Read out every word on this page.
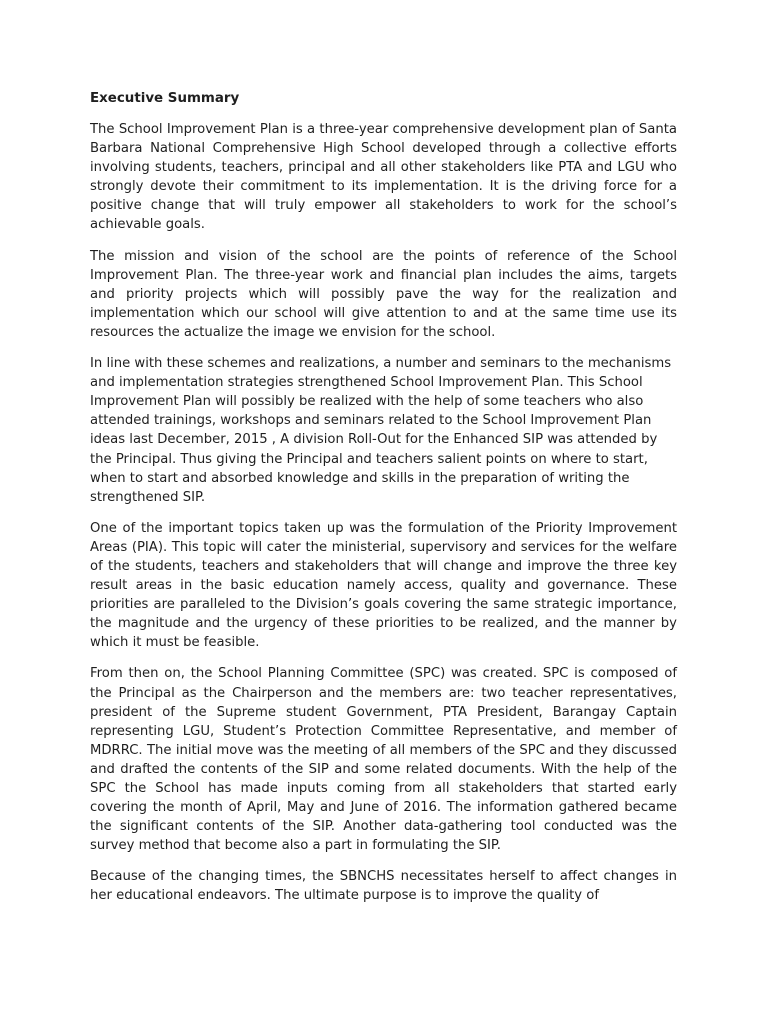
Executive Summary

The School Improvement Plan is a three-year comprehensive development plan of Santa Barbara National Comprehensive High School developed through a collective efforts involving students, teachers, principal and all other stakeholders like PTA and LGU who strongly devote their commitment to its implementation. It is the driving force for a positive change that will truly empower all stakeholders to work for the school’s achievable goals.

The mission and vision of the school are the points of reference of the School Improvement Plan. The three-year work and financial plan includes the aims, targets and priority projects which will possibly pave the way for the realization and implementation which our school will give attention to and at the same time use its resources the actualize the image we envision for the school.

In line with these schemes and realizations, a number and seminars to the mechanisms and implementation strategies strengthened School Improvement Plan. This School Improvement Plan will possibly be realized with the help of some teachers who also attended trainings, workshops and seminars related to the School Improvement Plan ideas last December, 2015 , A division Roll-Out for the Enhanced SIP was attended by the Principal. Thus giving the Principal and teachers salient points on where to start, when to start and absorbed knowledge and skills in the preparation of writing the strengthened SIP.

One of the important topics taken up was the formulation of the Priority Improvement Areas (PIA). This topic will cater the ministerial, supervisory and services for the welfare of the students, teachers and stakeholders that will change and improve the three key result areas in the basic education namely access, quality and governance. These priorities are paralleled to the Division’s goals covering the same strategic importance, the magnitude and the urgency of these priorities to be realized, and the manner by which it must be feasible.

From then on, the School Planning Committee (SPC) was created. SPC is composed of the Principal as the Chairperson and the members are: two teacher representatives, president of the Supreme student Government, PTA President, Barangay Captain representing LGU, Student’s Protection Committee Representative, and member of MDRRC. The initial move was the meeting of all members of the SPC and they discussed and drafted the contents of the SIP and some related documents. With the help of the SPC the School has made inputs coming from all stakeholders that started early covering the month of April, May and June of 2016. The information gathered became the significant contents of the SIP. Another data-gathering tool conducted was the survey method that become also a part in formulating the SIP.

Because of the changing times, the SBNCHS necessitates herself to affect changes in her educational endeavors. The ultimate purpose is to improve the quality of
